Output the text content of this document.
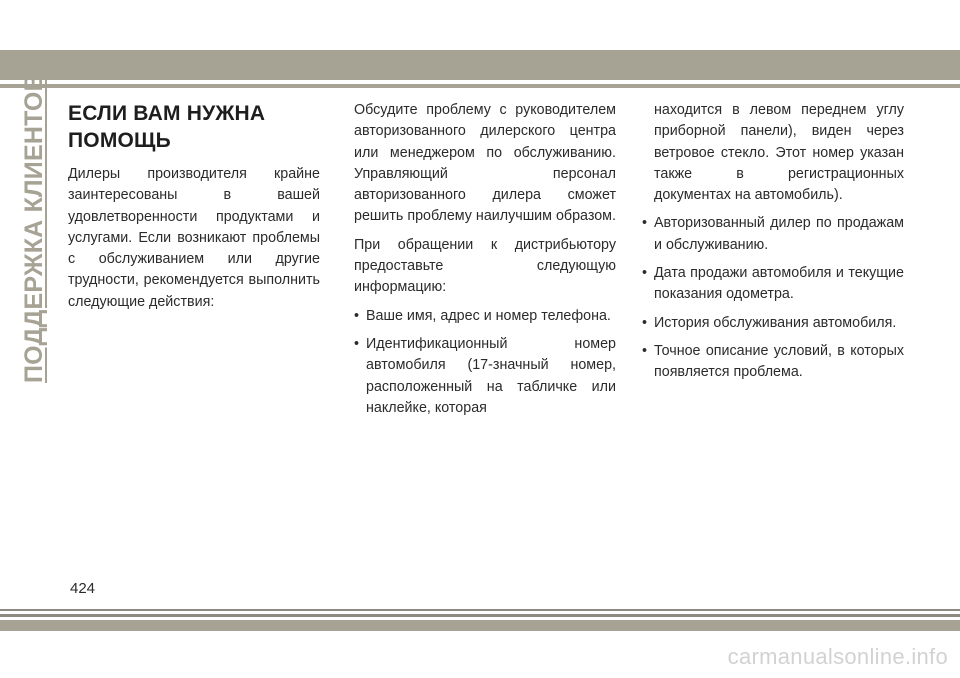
ПОДДЕРЖКА КЛИЕНТОВ ЕСЛИ ВАМ НУЖНА
ПОМОЩЬ

Дилеры производителя крайне заинтересованы в вашей удовлетворенности продуктами и услугами. Если возникают проблемы с обслуживанием или другие трудности, рекомендуется выполнить следующие действия:

Обсудите проблему с руководителем авторизованного дилерского центра или менеджером по обслуживанию. Управляющий персонал авторизованного дилера сможет решить проблему наилучшим образом.

При обращении к дистрибьютору предоставьте следующую информацию:

• Ваше имя, адрес и номер телефона.
• Идентификационный номер автомобиля (17-значный номер, расположенный на табличке или наклейке, которая
находится в левом переднем углу приборной панели), виден через ветровое стекло. Этот номер указан также в регистрационных документах на автомобиль).
• Авторизованный дилер по продажам и обслуживанию.
• Дата продажи автомобиля и текущие показания одометра.
• История обслуживания автомобиля.
• Точное описание условий, в которых появляется проблема.
424
carmanualsonline.info
